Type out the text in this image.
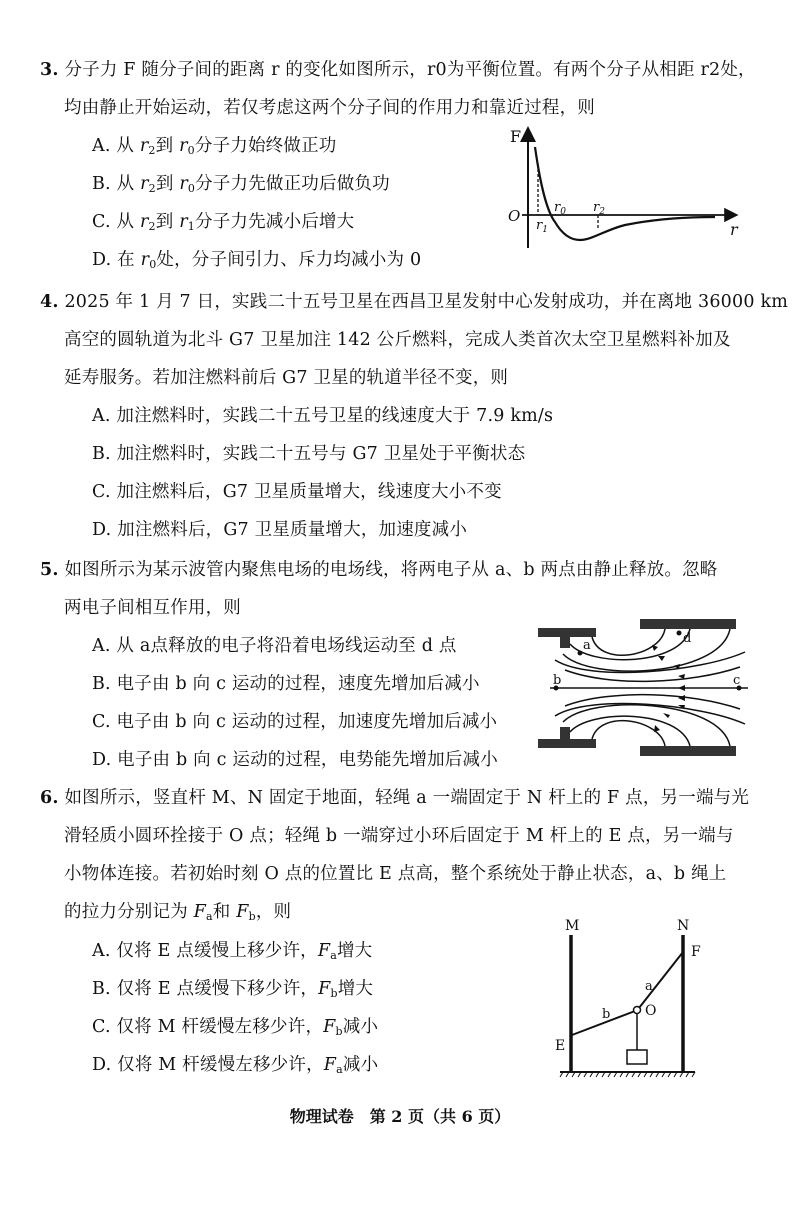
3. 分子力 F 随分子间的距离 r 的变化如图所示，r0为平衡位置。有两个分子从相距 r2处，
均由静止开始运动，若仅考虑这两个分子间的作用力和靠近过程，则
A. 从 $r_2$到 $r_0$分子力始终做正功
B. 从 $r_2$到 $r_0$分子力先做正功后做负功
C. 从 $r_2$到 $r_1$分子力先减小后增大
D. 在 $r_0$处，分子间引力、斥力均减小为 0
F
O
r
$r_0$
$r_1$
$r_2$
4. 2025 年 1 月 7 日，实践二十五号卫星在西昌卫星发射中心发射成功，并在离地 36000 km
高空的圆轨道为北斗 G7 卫星加注 142 公斤燃料，完成人类首次太空卫星燃料补加及
延寿服务。若加注燃料前后 G7 卫星的轨道半径不变，则
A. 加注燃料时，实践二十五号卫星的线速度大于 7.9 km/s
B. 加注燃料时，实践二十五号与 G7 卫星处于平衡状态
C. 加注燃料后，G7 卫星质量增大，线速度大小不变
D. 加注燃料后，G7 卫星质量增大，加速度减小
5. 如图所示为某示波管内聚焦电场的电场线，将两电子从 a、b 两点由静止释放。忽略
两电子间相互作用，则
A. 从 a点释放的电子将沿着电场线运动至 d 点
B. 电子由 b 向 c 运动的过程，速度先增加后减小
C. 电子由 b 向 c 运动的过程，加速度先增加后减小
D. 电子由 b 向 c 运动的过程，电势能先增加后减小
a
b	c
d
6. 如图所示，竖直杆 M、N 固定于地面，轻绳 a 一端固定于 N 杆上的 F 点，另一端与光
滑轻质小圆环拴接于 O 点；轻绳 b 一端穿过小环后固定于 M 杆上的 E 点，另一端与
小物体连接。若初始时刻 O 点的位置比 E 点高，整个系统处于静止状态，a、b 绳上
的拉力分别记为 $F_a$和 $F_b$，则
A. 仅将 E 点缓慢上移少许，$F_a$增大
B. 仅将 E 点缓慢下移少许，$F_b$增大
C. 仅将 M 杆缓慢左移少许，$F_b$减小
D. 仅将 M 杆缓慢左移少许，$F_a$减小
M	N
F
a
b O
E
物理试卷　第 2 页（共 6 页）
